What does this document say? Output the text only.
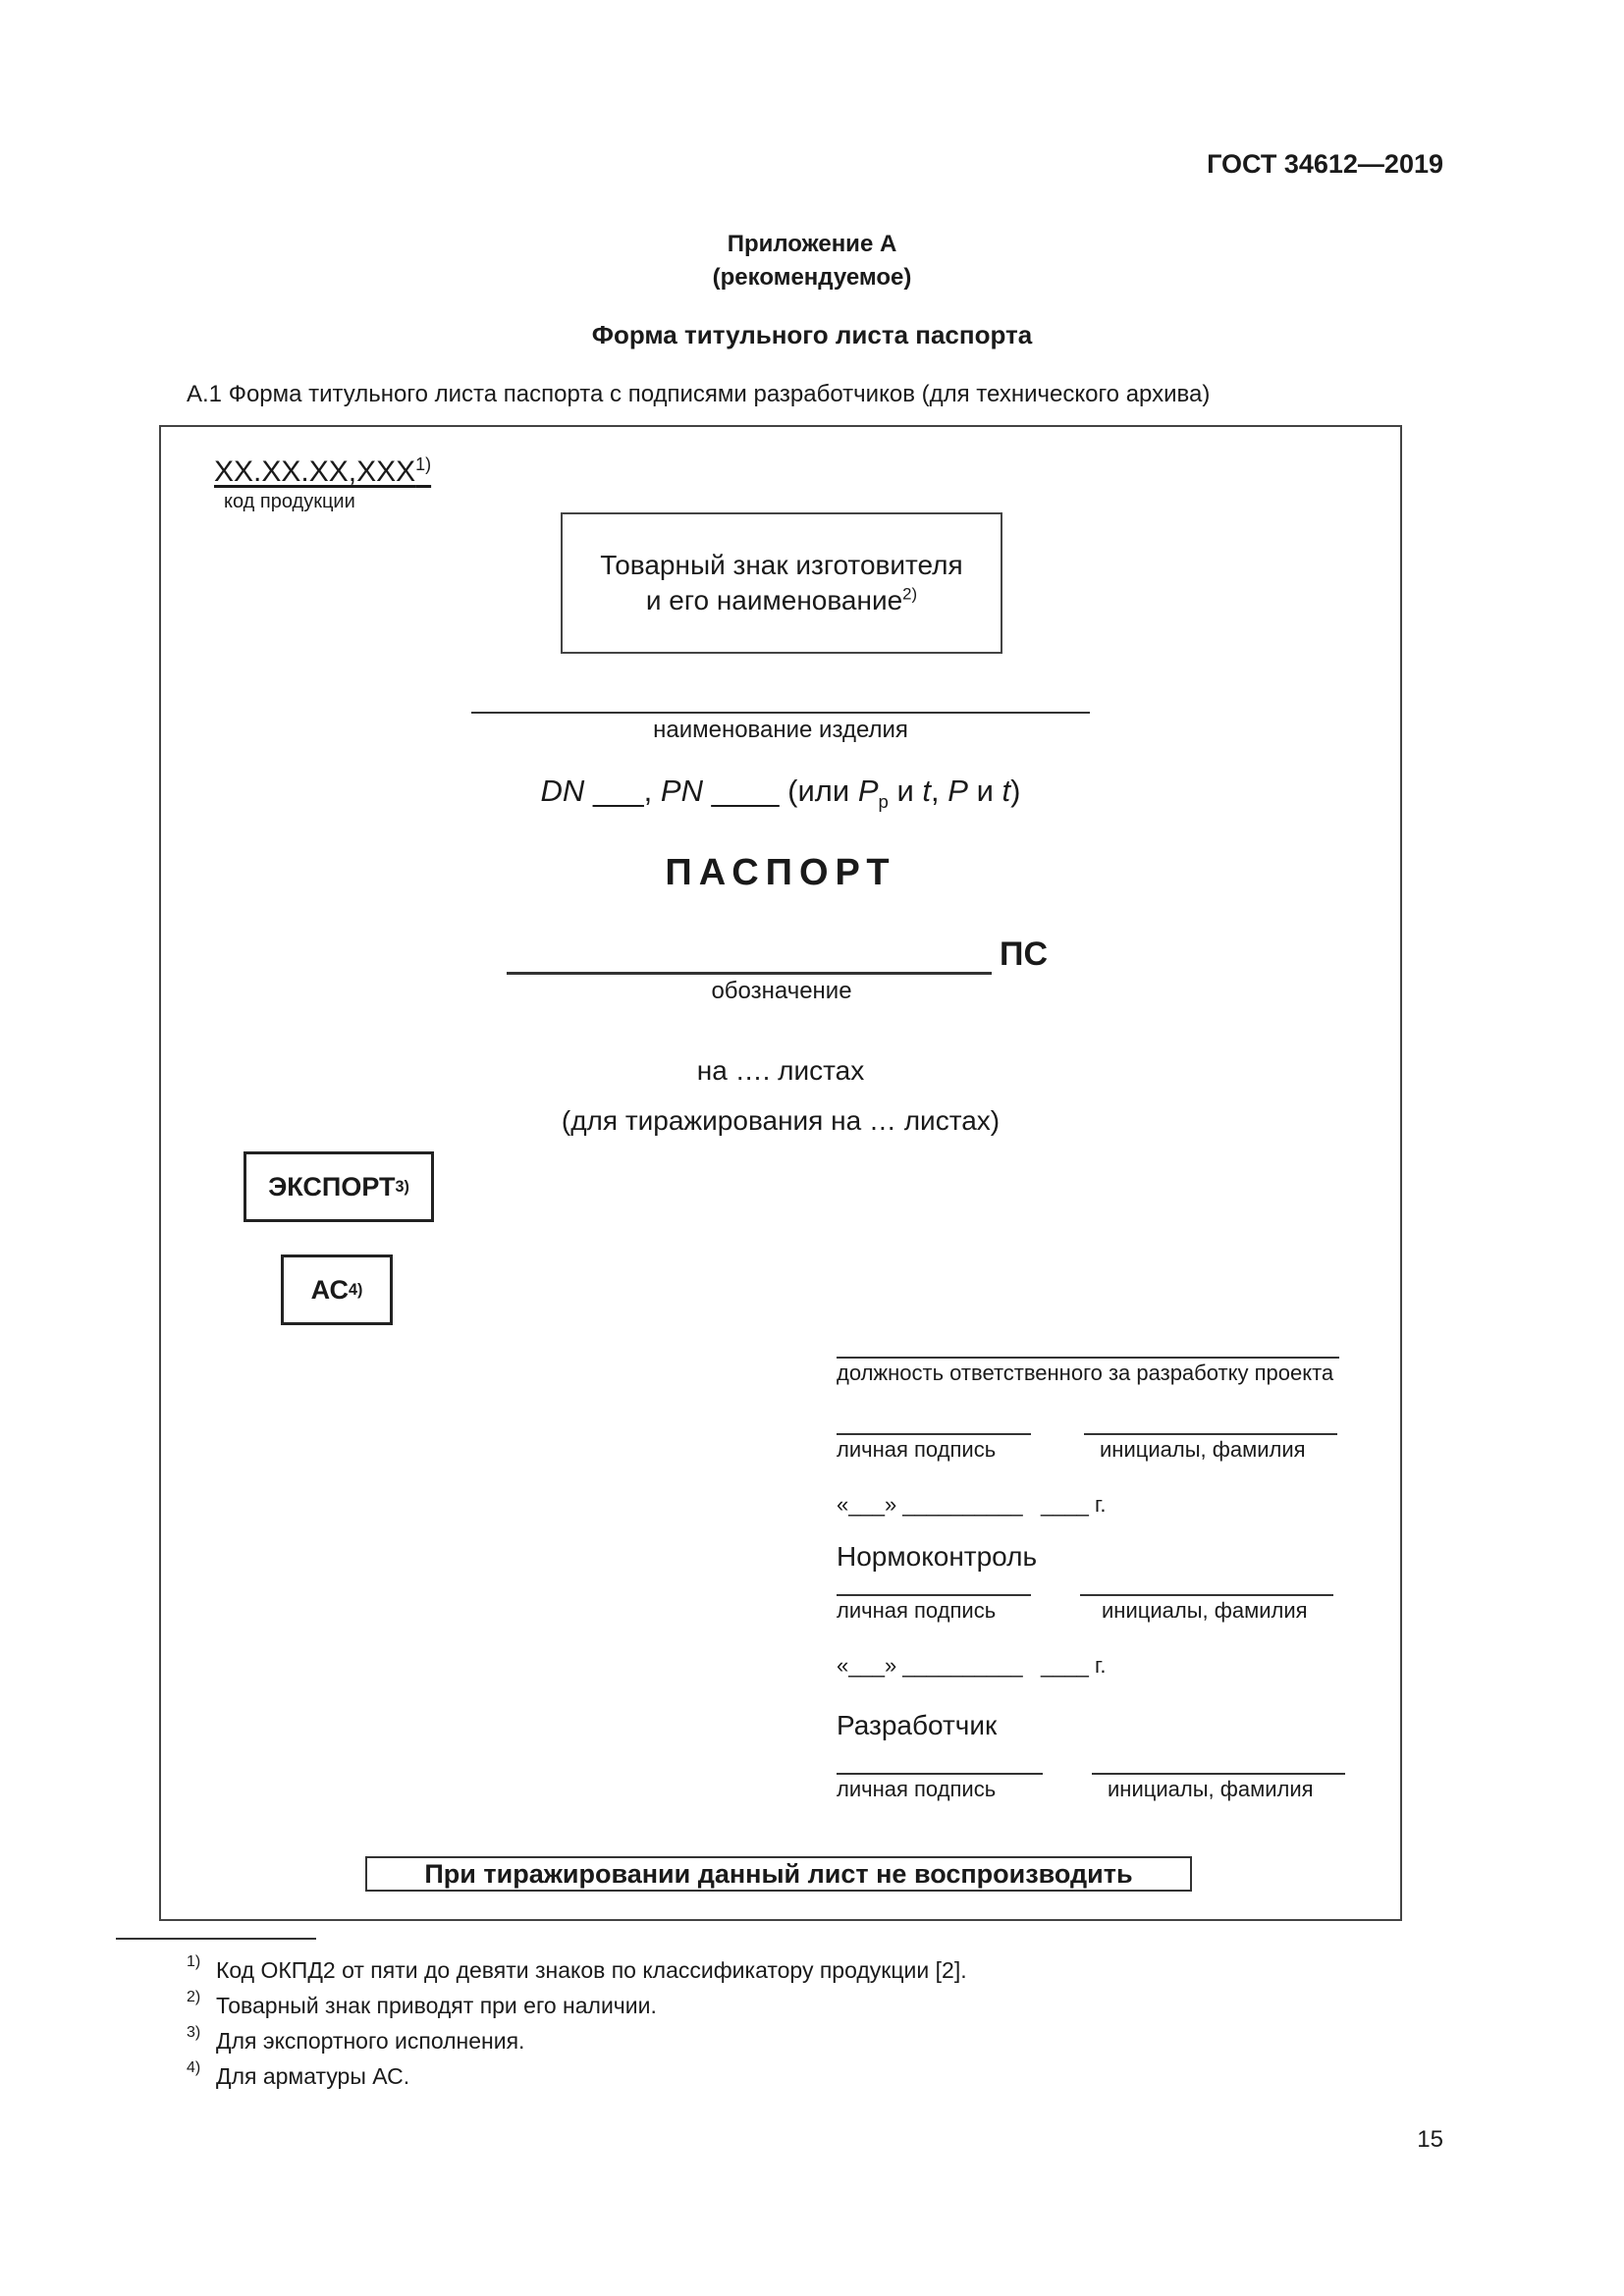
ГОСТ 34612—2019
Приложение А
(рекомендуемое)
Форма титульного листа паспорта
А.1 Форма титульного листа паспорта с подписями разработчиков (для технического архива)
ХХ.ХХ.ХХ,ХХХ$^{1)}$
код продукции
Товарный знак изготовителя
и его наименование$^{2)}$
наименование изделия
DN ___, PN ____ (или $P_p$ и t, P и t)
ПАСПОРТ
ПС
обозначение
на …. листах
(для тиражирования на … листах)
ЭКСПОРТ 3)
АС 4)
должность ответственного за разработку проекта
личная подпись	инициалы, фамилия
«___» __________   ____ г.
Нормоконтроль
личная подпись	инициалы, фамилия
«___» __________   ____ г.
Разработчик
личная подпись	инициалы, фамилия
При тиражировании данный лист не воспроизводить
1) Код ОКПД2 от пяти до девяти знаков по классификатору продукции [2].
2) Товарный знак приводят при его наличии.
3) Для экспортного исполнения.
4) Для арматуры АС.
15
